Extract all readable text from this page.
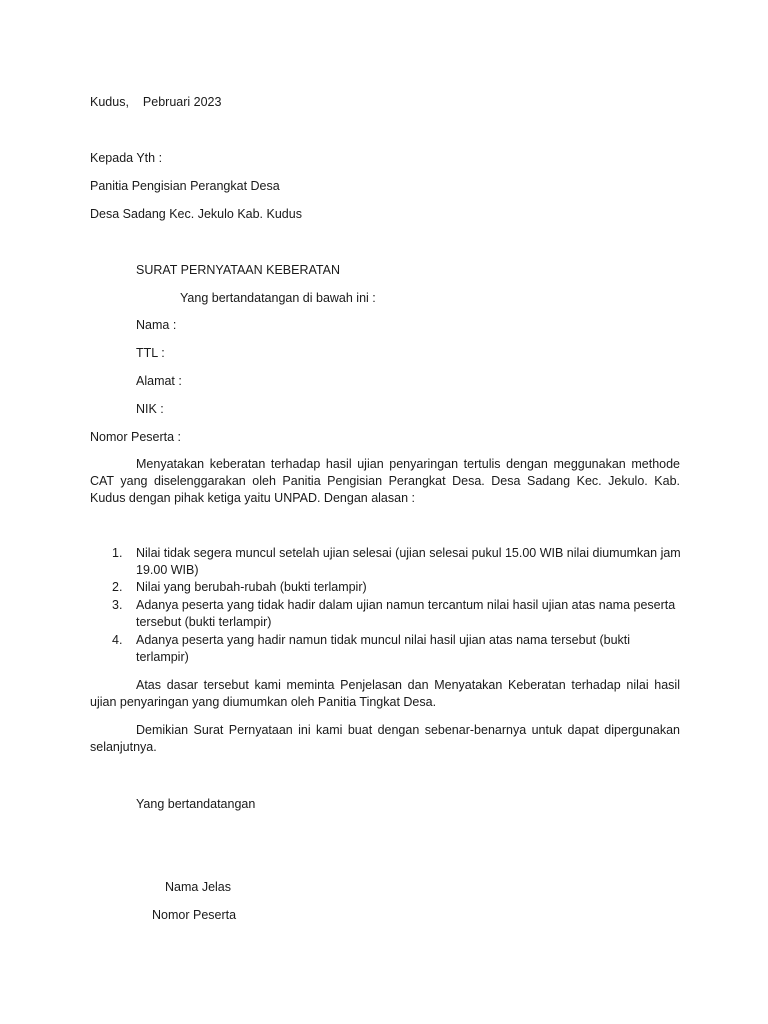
Kudus, Pebruari 2023
Kepada Yth :
Panitia Pengisian Perangkat Desa
Desa Sadang Kec. Jekulo Kab. Kudus
SURAT PERNYATAAN KEBERATAN
Yang bertandatangan di bawah ini :
Nama :
TTL :
Alamat :
NIK :
Nomor Peserta :
Menyatakan keberatan terhadap hasil ujian penyaringan tertulis dengan meggunakan methode CAT yang diselenggarakan oleh Panitia Pengisian Perangkat Desa. Desa Sadang Kec. Jekulo. Kab. Kudus dengan pihak ketiga yaitu UNPAD. Dengan alasan :
1.	Nilai tidak segera muncul setelah ujian selesai (ujian selesai pukul 15.00 WIB nilai diumumkan jam 19.00 WIB)
2.	Nilai yang berubah-rubah (bukti terlampir)
3.	Adanya peserta yang tidak hadir dalam ujian namun tercantum nilai hasil ujian atas nama peserta tersebut (bukti terlampir)
4.	Adanya peserta yang hadir namun tidak muncul nilai hasil ujian atas nama tersebut (bukti terlampir)
Atas dasar tersebut kami meminta Penjelasan dan Menyatakan Keberatan terhadap nilai hasil ujian penyaringan yang diumumkan oleh Panitia Tingkat Desa.
Demikian Surat Pernyataan ini kami buat dengan sebenar-benarnya untuk dapat dipergunakan selanjutnya.
Yang bertandatangan
Nama Jelas
Nomor Peserta
